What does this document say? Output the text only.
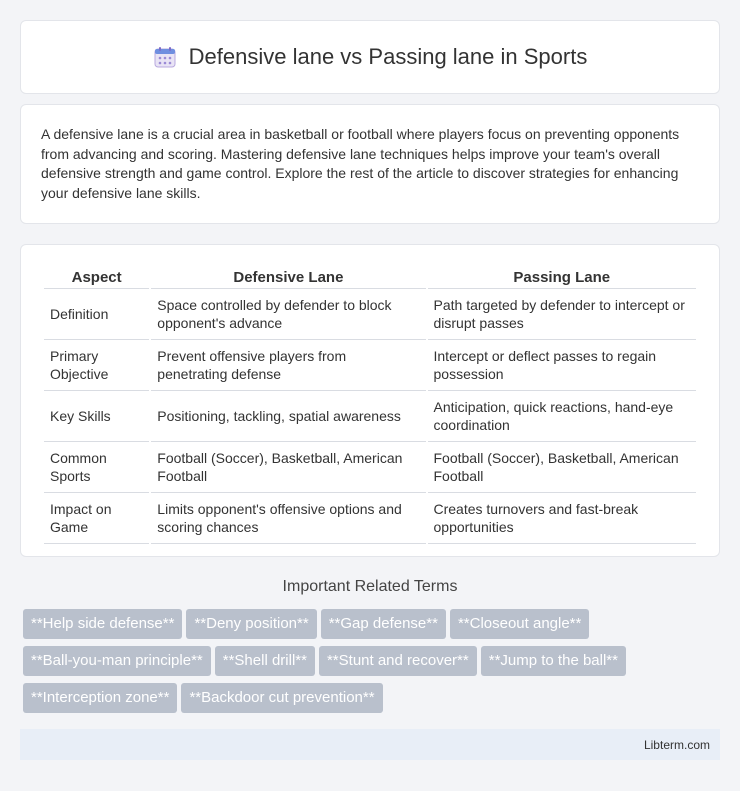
Defensive lane vs Passing lane in Sports

A defensive lane is a crucial area in basketball or football where players focus on preventing opponents from advancing and scoring. Mastering defensive lane techniques helps improve your team's overall defensive strength and game control. Explore the rest of the article to discover strategies for enhancing your defensive lane skills.

Aspect	Defensive Lane	Passing Lane
Definition	Space controlled by defender to block opponent's advance	Path targeted by defender to intercept or disrupt passes
Primary Objective	Prevent offensive players from penetrating defense	Intercept or deflect passes to regain possession
Key Skills	Positioning, tackling, spatial awareness	Anticipation, quick reactions, hand-eye coordination
Common Sports	Football (Soccer), Basketball, American Football	Football (Soccer), Basketball, American Football
Impact on Game	Limits opponent's offensive options and scoring chances	Creates turnovers and fast-break opportunities
Important Related Terms
**Help side defense** **Deny position** **Gap defense** **Closeout angle**
**Ball-you-man principle** **Shell drill** **Stunt and recover** **Jump to the ball**
**Interception zone** **Backdoor cut prevention**
Libterm.com
